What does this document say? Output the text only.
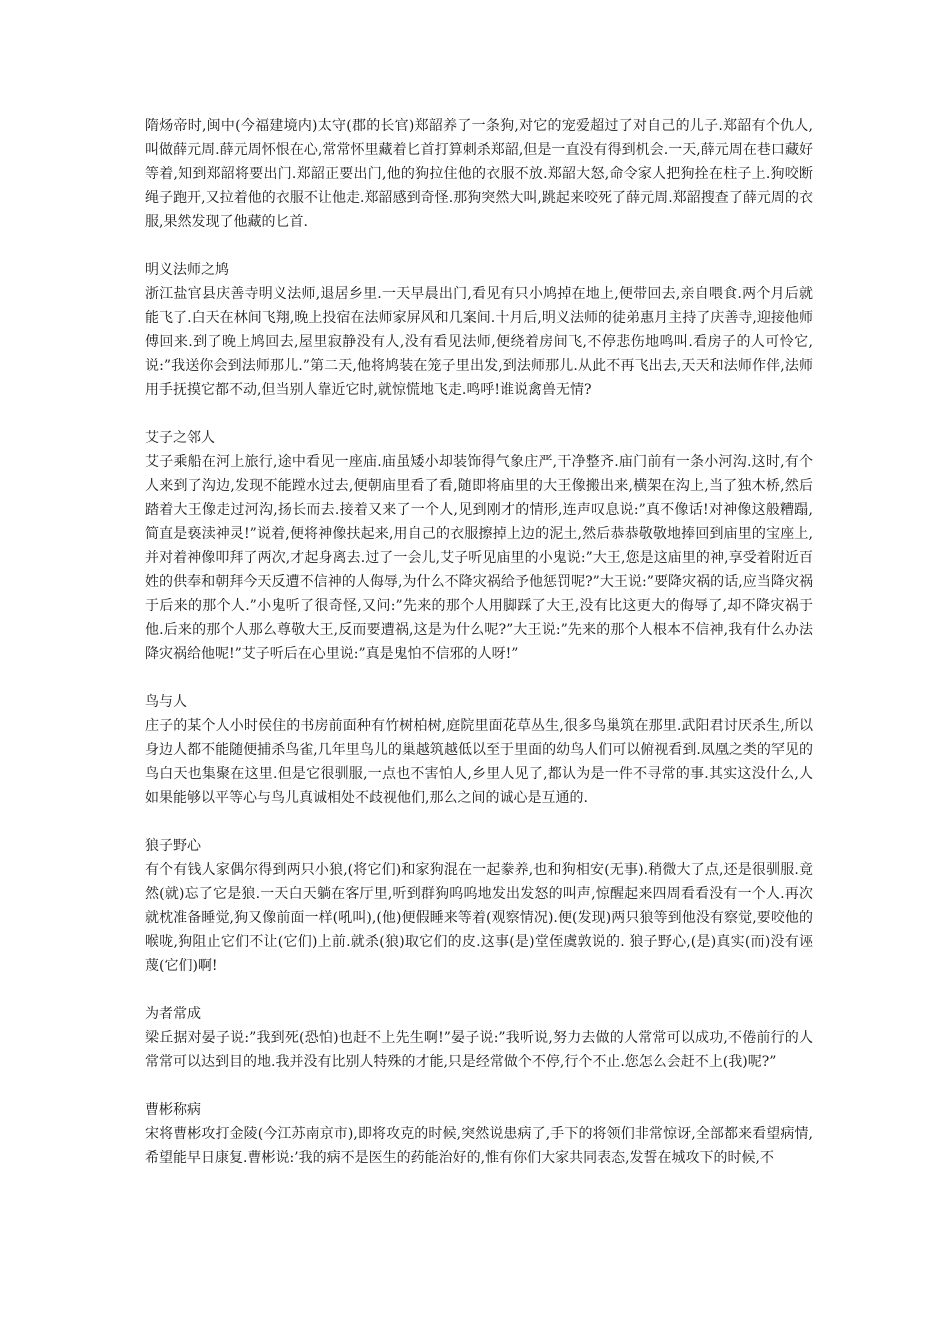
隋炀帝时,闽中(今福建境内)太守(郡的长官)郑韶养了一条狗,对它的宠爱超过了对自己的儿子.郑韶有个仇人,叫做薛元周.薛元周怀恨在心,常常怀里藏着匕首打算刺杀郑韶,但是一直没有得到机会.一天,薛元周在巷口藏好等着,知到郑韶将要出门.郑韶正要出门,他的狗拉住他的衣服不放.郑韶大怒,命令家人把狗拴在柱子上.狗咬断绳子跑开,又拉着他的衣服不让他走.郑韶感到奇怪.那狗突然大叫,跳起来咬死了薛元周.郑韶搜查了薛元周的衣服,果然发现了他藏的匕首.

明义法师之鸠

浙江盐官县庆善寺明义法师,退居乡里.一天早晨出门,看见有只小鸠掉在地上,便带回去,亲自喂食.两个月后就能飞了.白天在林间飞翔,晚上投宿在法师家屏风和几案间.十月后,明义法师的徒弟惠月主持了庆善寺,迎接他师傅回来.到了晚上鸠回去,屋里寂静没有人,没有看见法师,便绕着房间飞,不停悲伤地鸣叫.看房子的人可怜它,说:”我送你会到法师那儿.”第二天,他将鸠装在笼子里出发,到法师那儿.从此不再飞出去,天天和法师作伴,法师用手抚摸它都不动,但当别人靠近它时,就惊慌地飞走.鸣呼!谁说禽兽无情?

艾子之邻人

艾子乘船在河上旅行,途中看见一座庙.庙虽矮小却装饰得气象庄严,干净整齐.庙门前有一条小河沟.这时,有个人来到了沟边,发现不能蹚水过去,便朝庙里看了看,随即将庙里的大王像搬出来,横架在沟上,当了独木桥,然后踏着大王像走过河沟,扬长而去.接着又来了一个人,见到刚才的情形,连声叹息说:”真不像话!对神像这般糟蹋,简直是亵渎神灵!”说着,便将神像扶起来,用自己的衣服擦掉上边的泥土,然后恭恭敬敬地捧回到庙里的宝座上,并对着神像叩拜了两次,才起身离去.过了一会儿,艾子听见庙里的小鬼说:”大王,您是这庙里的神,享受着附近百姓的供奉和朝拜今天反遭不信神的人侮辱,为什么不降灾祸给予他惩罚呢?”大王说:”要降灾祸的话,应当降灾祸于后来的那个人.”小鬼听了很奇怪,又问:”先来的那个人用脚踩了大王,没有比这更大的侮辱了,却不降灾祸于他.后来的那个人那么尊敬大王,反而要遭祸,这是为什么呢?”大王说:”先来的那个人根本不信神,我有什么办法降灾祸给他呢!”艾子听后在心里说:”真是鬼怕不信邪的人呀!”

鸟与人

庄子的某个人小时侯住的书房前面种有竹树柏树,庭院里面花草丛生,很多鸟巢筑在那里.武阳君讨厌杀生,所以身边人都不能随便捕杀鸟雀,几年里鸟儿的巢越筑越低以至于里面的幼鸟人们可以俯视看到.凤凰之类的罕见的鸟白天也集聚在这里.但是它很驯服,一点也不害怕人,乡里人见了,都认为是一件不寻常的事.其实这没什么,人如果能够以平等心与鸟儿真诚相处不歧视他们,那么之间的诚心是互通的.

狼子野心

有个有钱人家偶尔得到两只小狼,(将它们)和家狗混在一起豢养,也和狗相安(无事).稍微大了点,还是很驯服.竟然(就)忘了它是狼.一天白天躺在客厅里,听到群狗呜呜地发出发怒的叫声,惊醒起来四周看看没有一个人.再次就枕准备睡觉,狗又像前面一样(吼叫),(他)便假睡来等着(观察情况).便(发现)两只狼等到他没有察觉,要咬他的喉咙,狗阻止它们不让(它们)上前.就杀(狼)取它们的皮.这事(是)堂侄虞敦说的. 狼子野心,(是)真实(而)没有诬蔑(它们)啊!

为者常成

梁丘据对晏子说:”我到死(恐怕)也赶不上先生啊!”晏子说:”我听说,努力去做的人常常可以成功,不倦前行的人常常可以达到目的地.我并没有比别人特殊的才能,只是经常做个不停,行个不止.您怎么会赶不上(我)呢?”

曹彬称病

宋将曹彬攻打金陵(今江苏南京市),即将攻克的时候,突然说患病了,手下的将领们非常惊讶,全部都来看望病情,希望能早日康复.曹彬说:’我的病不是医生的药能治好的,惟有你们大家共同表态,发誓在城攻下的时候,不
